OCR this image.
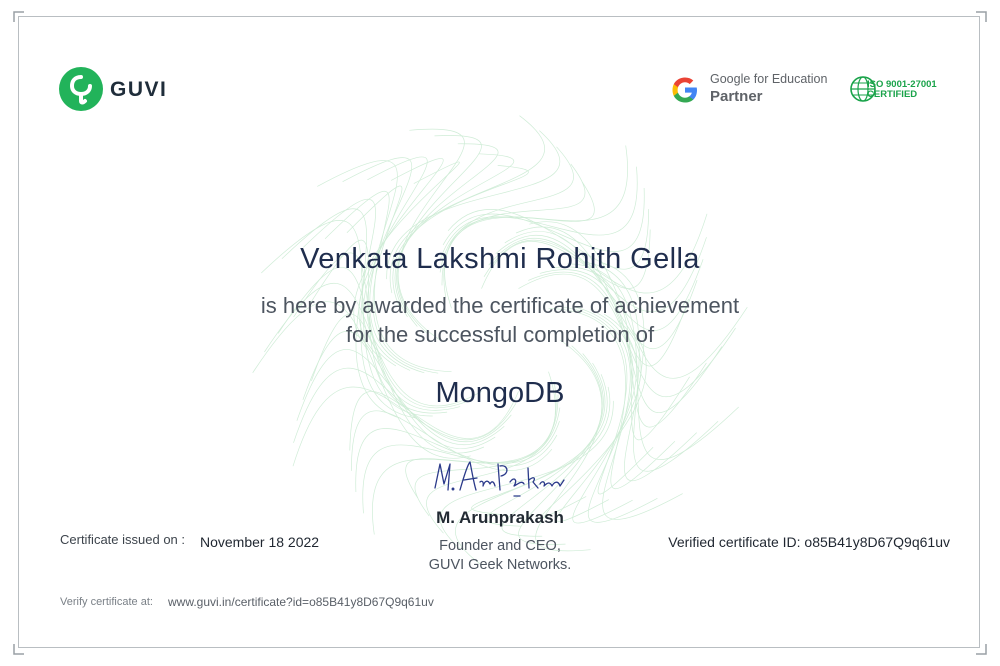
GUVI	Google for Education
Partner
ISO 9001-27001
CERTIFIED
Venkata Lakshmi Rohith Gella
is here by awarded the certificate of achievement
for the successful completion of
MongoDB
M. Arunprakash
Founder and CEO,
GUVI Geek Networks.
Certificate issued on : November 18 2022	Verified certificate ID: o85B41y8D67Q9q61uv
Verify certificate at: www.guvi.in/certificate?id=o85B41y8D67Q9q61uv
